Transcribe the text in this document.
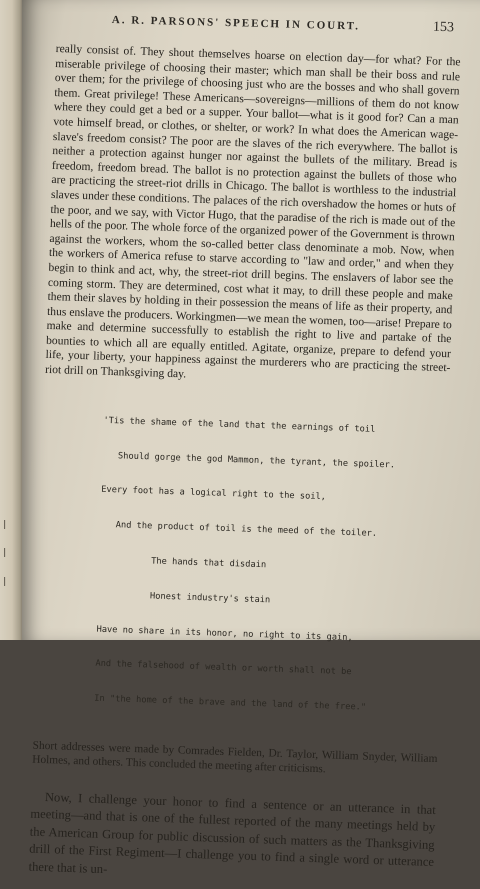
|
|
|
A. R. PARSONS' SPEECH IN COURT.	153

really consist of. They shout themselves hoarse on election day—for what? For the miserable privilege of choosing their master; which man shall be their boss and rule over them; for the privilege of choosing just who are the bosses and who shall govern them. Great privilege! These Americans—sovereigns—millions of them do not know where they could get a bed or a supper. Your ballot—what is it good for? Can a man vote himself bread, or clothes, or shelter, or work? In what does the American wage-slave's freedom consist? The poor are the slaves of the rich everywhere. The ballot is neither a protection against hunger nor against the bullets of the military. Bread is freedom, freedom bread. The ballot is no protection against the bullets of those who are practicing the street-riot drills in Chicago. The ballot is worthless to the industrial slaves under these conditions. The palaces of the rich overshadow the homes or huts of the poor, and we say, with Victor Hugo, that the paradise of the rich is made out of the hells of the poor. The whole force of the organized power of the Government is thrown against the workers, whom the so-called better class denominate a mob. Now, when the workers of America refuse to starve according to "law and order," and when they begin to think and act, why, the street-riot drill begins. The enslavers of labor see the coming storm. They are determined, cost what it may, to drill these people and make them their slaves by holding in their possession the means of life as their property, and thus enslave the producers. Workingmen—we mean the women, too—arise! Prepare to make and determine successfully to establish the right to live and partake of the bounties to which all are equally entitled. Agitate, organize, prepare to defend your life, your liberty, your happiness against the murderers who are practicing the street-riot drill on Thanksgiving day.

'Tis the shame of the land that the earnings of toil

Should gorge the god Mammon, the tyrant, the spoiler.

Every foot has a logical right to the soil,

And the product of toil is the meed of the toiler.

The hands that disdain

Honest industry's stain

Have no share in its honor, no right to its gain,

And the falsehood of wealth or worth shall not be

In "the home of the brave and the land of the free."

Short addresses were made by Comrades Fielden, Dr. Taylor, William Snyder, William Holmes, and others. This concluded the meeting after criticisms.

Now, I challenge your honor to find a sentence or an utterance in that meeting—and that is one of the fullest reported of the many meetings held by the American Group for public discussion of such matters as the Thanksgiving drill of the First Regiment—I challenge you to find a single word or utterance there that is un-
